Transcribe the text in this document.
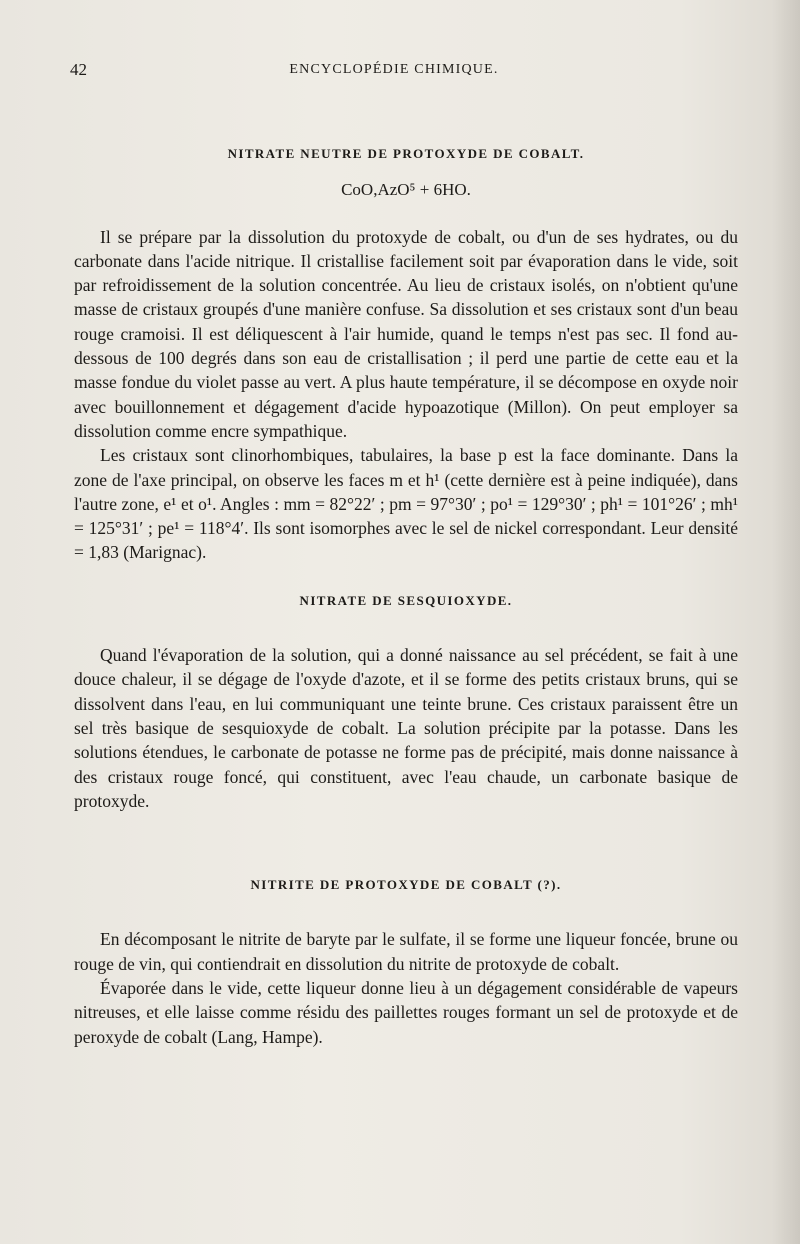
42	ENCYCLOPÉDIE CHIMIQUE.
NITRATE NEUTRE DE PROTOXYDE DE COBALT.
CoO,AzO⁵ + 6HO.

Il se prépare par la dissolution du protoxyde de cobalt, ou d'un de ses hydrates, ou du carbonate dans l'acide nitrique. Il cristallise facilement soit par évaporation dans le vide, soit par refroidissement de la solution concentrée. Au lieu de cristaux isolés, on n'obtient qu'une masse de cristaux groupés d'une manière confuse. Sa dissolution et ses cristaux sont d'un beau rouge cramoisi. Il est déliquescent à l'air humide, quand le temps n'est pas sec. Il fond au-dessous de 100 degrés dans son eau de cristallisation ; il perd une partie de cette eau et la masse fondue du violet passe au vert. A plus haute température, il se décompose en oxyde noir avec bouillonnement et dégagement d'acide hypoazotique (Millon). On peut employer sa dissolution comme encre sympathique.

Les cristaux sont clinorhombiques, tabulaires, la base p est la face dominante. Dans la zone de l'axe principal, on observe les faces m et h¹ (cette dernière est à peine indiquée), dans l'autre zone, e¹ et o¹. Angles : mm = 82°22′ ; pm = 97°30′ ; po¹ = 129°30′ ; ph¹ = 101°26′ ; mh¹ = 125°31′ ; pe¹ = 118°4′. Ils sont isomorphes avec le sel de nickel correspondant. Leur densité = 1,83 (Marignac).

NITRATE DE SESQUIOXYDE.

Quand l'évaporation de la solution, qui a donné naissance au sel précédent, se fait à une douce chaleur, il se dégage de l'oxyde d'azote, et il se forme des petits cristaux bruns, qui se dissolvent dans l'eau, en lui communiquant une teinte brune. Ces cristaux paraissent être un sel très basique de sesquioxyde de cobalt. La solution précipite par la potasse. Dans les solutions étendues, le carbonate de potasse ne forme pas de précipité, mais donne naissance à des cristaux rouge foncé, qui constituent, avec l'eau chaude, un carbonate basique de protoxyde.

NITRITE DE PROTOXYDE DE COBALT (?).

En décomposant le nitrite de baryte par le sulfate, il se forme une liqueur foncée, brune ou rouge de vin, qui contiendrait en dissolution du nitrite de protoxyde de cobalt.

Évaporée dans le vide, cette liqueur donne lieu à un dégagement considérable de vapeurs nitreuses, et elle laisse comme résidu des paillettes rouges formant un sel de protoxyde et de peroxyde de cobalt (Lang, Hampe).
